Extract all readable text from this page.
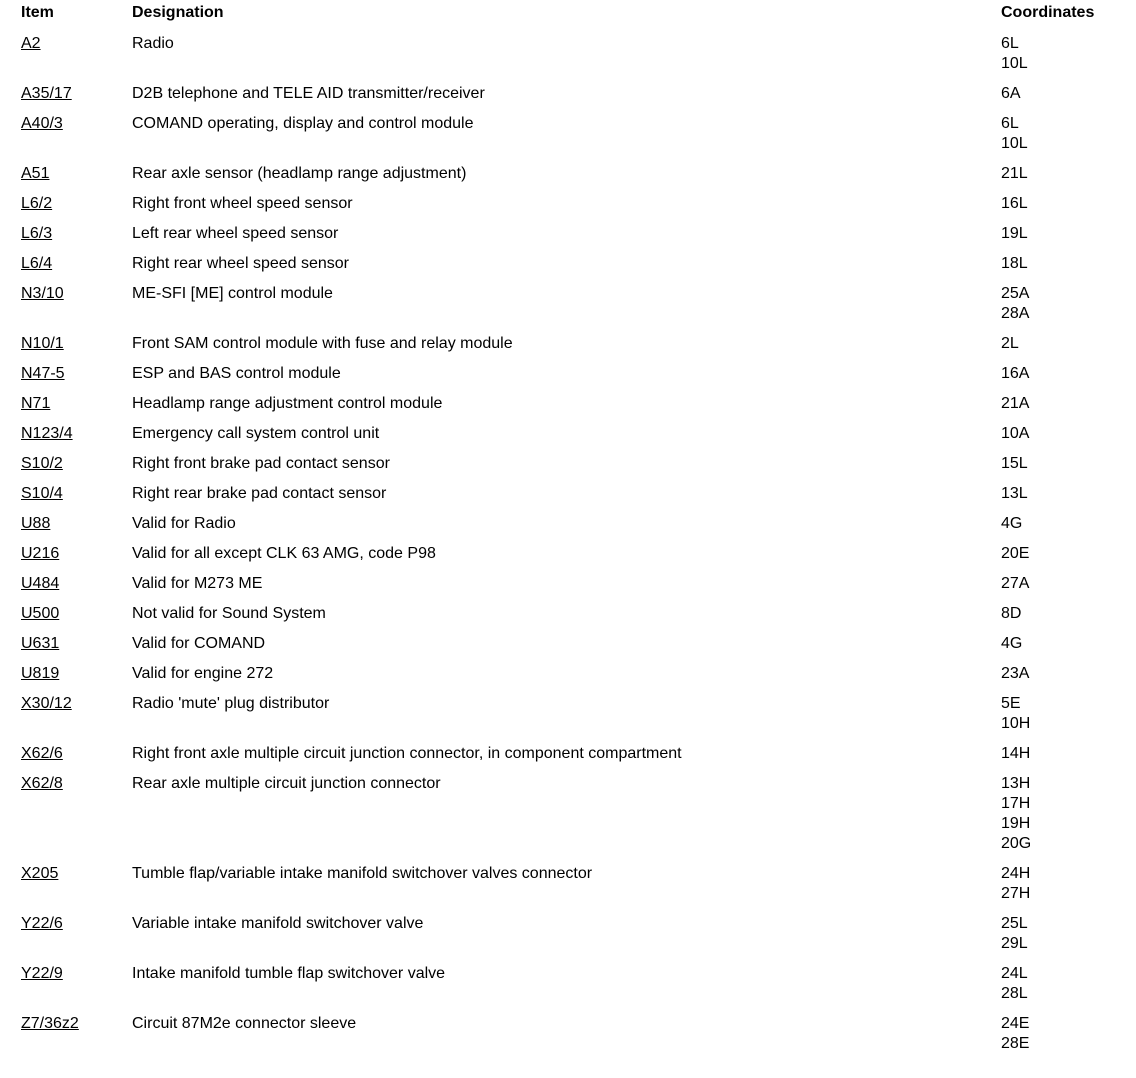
Item	Designation	Coordinates
A2	Radio	6L
10L
A35/17	D2B telephone and TELE AID transmitter/receiver	6A
A40/3	COMAND operating, display and control module	6L
10L
A51	Rear axle sensor (headlamp range adjustment)	21L
L6/2	Right front wheel speed sensor	16L
L6/3	Left rear wheel speed sensor	19L
L6/4	Right rear wheel speed sensor	18L
N3/10	ME-SFI [ME] control module	25A
28A
N10/1	Front SAM control module with fuse and relay module	2L
N47-5	ESP and BAS control module	16A
N71	Headlamp range adjustment control module	21A
N123/4	Emergency call system control unit	10A
S10/2	Right front brake pad contact sensor	15L
S10/4	Right rear brake pad contact sensor	13L
U88	Valid for Radio	4G
U216	Valid for all except CLK 63 AMG, code P98	20E
U484	Valid for M273 ME	27A
U500	Not valid for Sound System	8D
U631	Valid for COMAND	4G
U819	Valid for engine 272	23A
X30/12	Radio 'mute' plug distributor	5E
10H
X62/6	Right front axle multiple circuit junction connector, in component compartment	14H
X62/8	Rear axle multiple circuit junction connector	13H
17H
19H
20G
X205	Tumble flap/variable intake manifold switchover valves connector	24H
27H
Y22/6	Variable intake manifold switchover valve	25L
29L
Y22/9	Intake manifold tumble flap switchover valve	24L
28L
Z7/36z2	Circuit 87M2e connector sleeve	24E
28E
